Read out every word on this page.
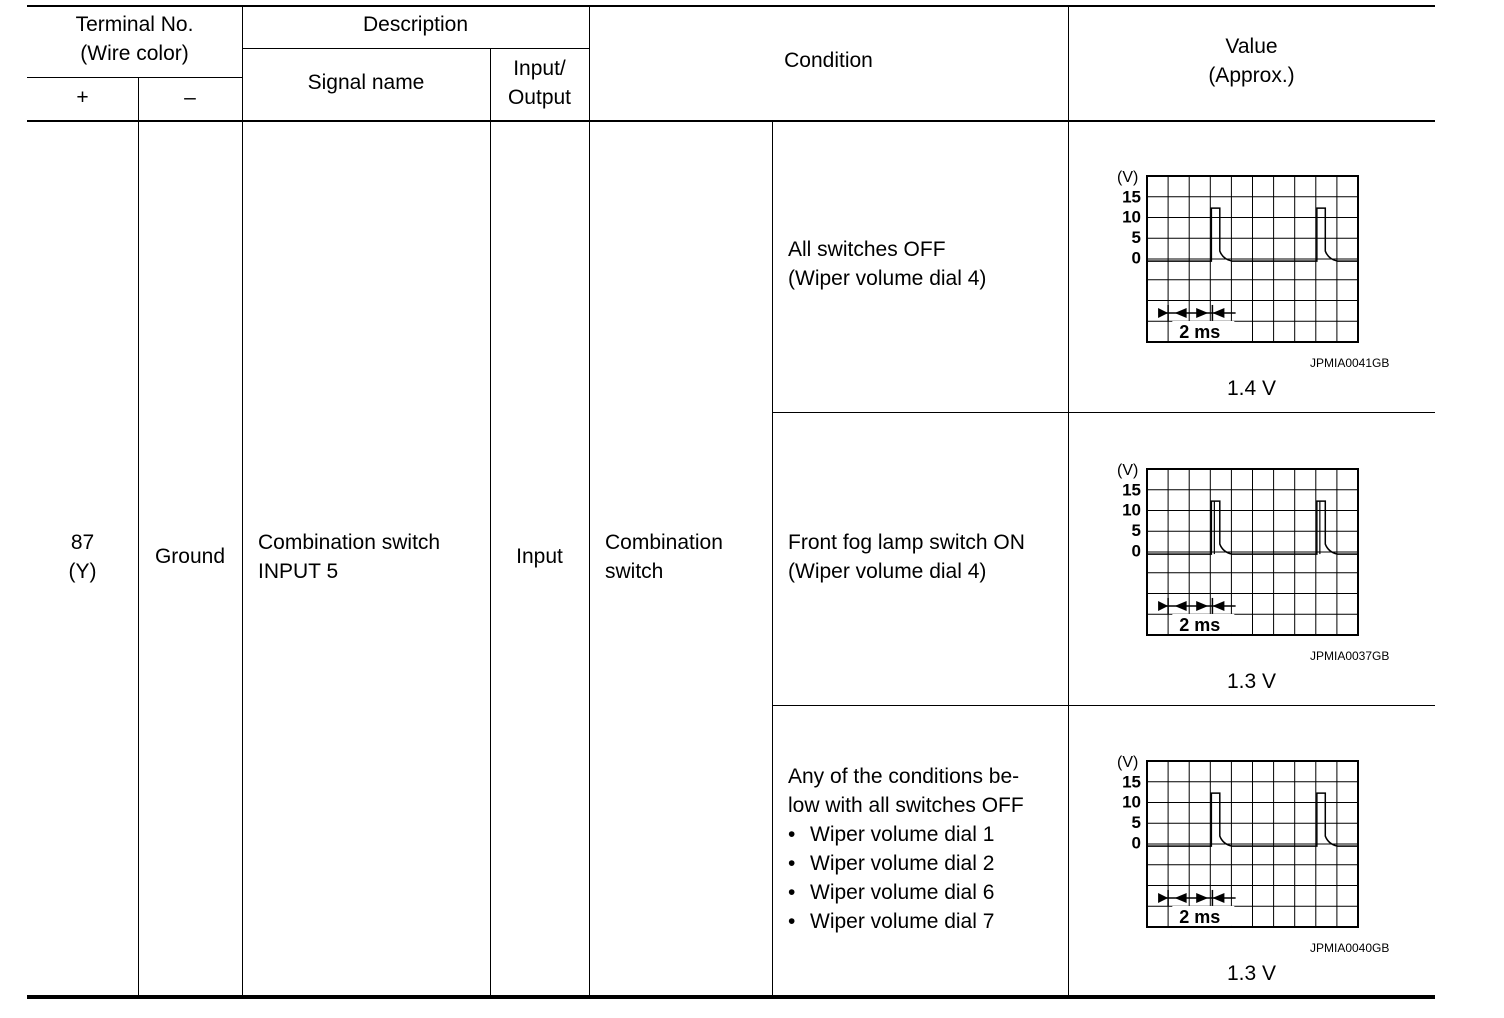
Terminal No.
(Wire color)
+	–
Description
Signal name
Input/
Output
Condition
Value
(Approx.)
87
(Y)
Ground
Combination switch
INPUT 5
Input
Combination
switch
All switches OFF
(Wiper volume dial 4)
Front fog lamp switch ON
(Wiper volume dial 4)
Any of the conditions be-
low with all switches OFF
• Wiper volume dial 1
• Wiper volume dial 2
• Wiper volume dial 6
• Wiper volume dial 7
(V)
15
10
5
0
2 ms
(V)
15
10
5
0
2 ms
(V)
15
10
5
0
2 ms
JPMIA0041GB
JPMIA0037GB
JPMIA0040GB
1.4 V
1.3 V
1.3 V
